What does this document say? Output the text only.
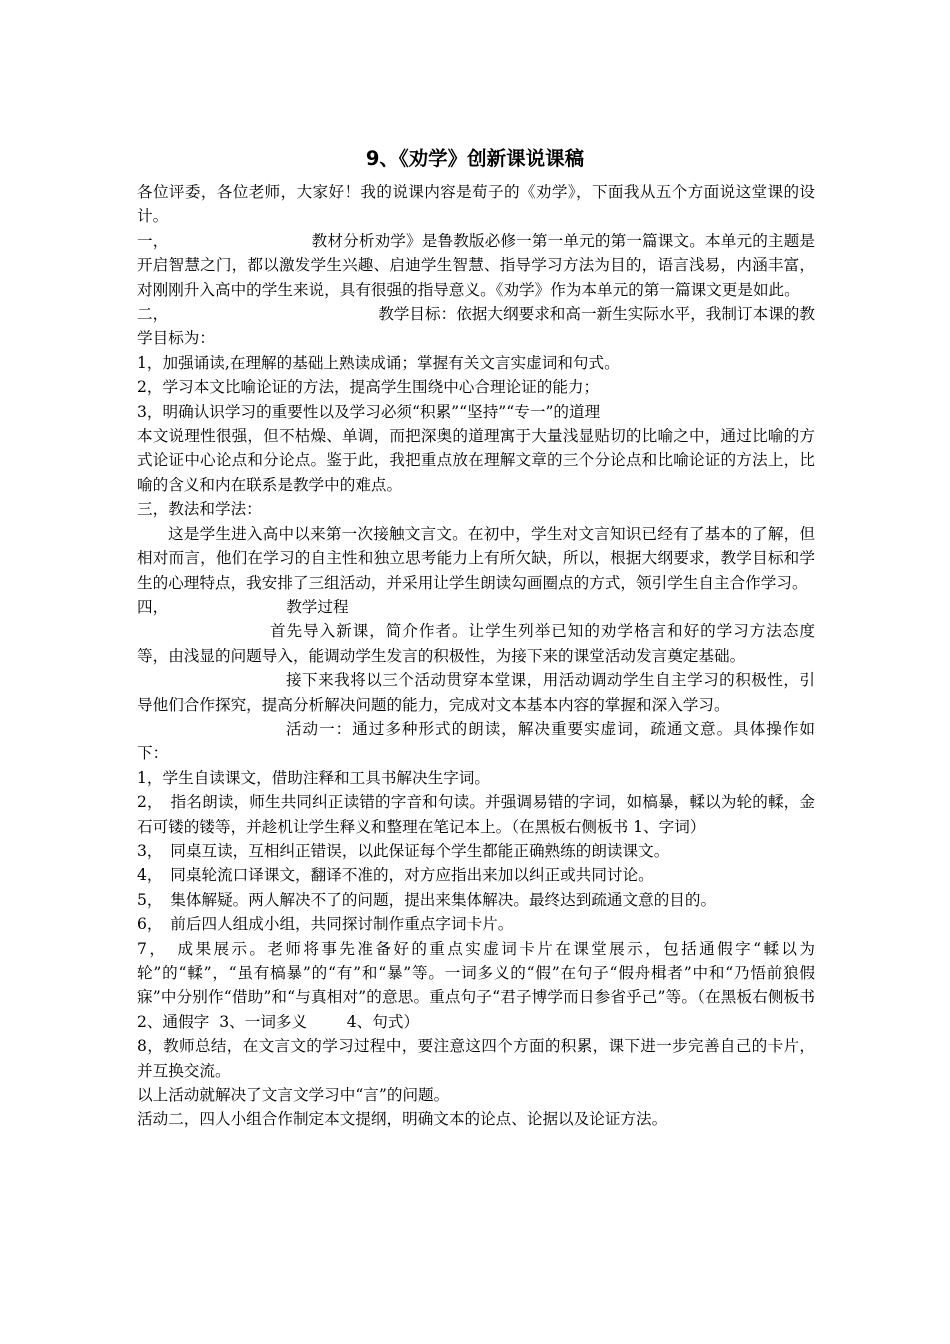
9、《劝学》创新课说课稿

各位评委，各位老师，大家好！我的说课内容是荀子的《劝学》，下面我从五个方面说这堂课的设计。

一，	教材分析劝学》是鲁教版必修一第一单元的第一篇课文。本单元的主题是开启智慧之门，都以激发学生兴趣、启迪学生智慧、指导学习方法为目的，语言浅易，内涵丰富，对刚刚升入高中的学生来说，具有很强的指导意义。《劝学》作为本单元的第一篇课文更是如此。

二，	教学目标：依据大纲要求和高一新生实际水平，我制订本课的教学目标为：

1，加强诵读,在理解的基础上熟读成诵；掌握有关文言实虚词和句式。

2，学习本文比喻论证的方法，提高学生围绕中心合理论证的能力；

3，明确认识学习的重要性以及学习必须“积累”“坚持”“专一”的道理

本文说理性很强，但不枯燥、单调，而把深奥的道理寓于大量浅显贴切的比喻之中，通过比喻的方式论证中心论点和分论点。鉴于此，我把重点放在理解文章的三个分论点和比喻论证的方法上，比喻的含义和内在联系是教学中的难点。

三，教法和学法：

这是学生进入高中以来第一次接触文言文。在初中，学生对文言知识已经有了基本的了解，但相对而言，他们在学习的自主性和独立思考能力上有所欠缺，所以，根据大纲要求，教学目标和学生的心理特点，我安排了三组活动，并采用让学生朗读勾画圈点的方式，领引学生自主合作学习。

四，	教学过程

首先导入新课，简介作者。让学生列举已知的劝学格言和好的学习方法态度等，由浅显的问题导入，能调动学生发言的积极性，为接下来的课堂活动发言奠定基础。

接下来我将以三个活动贯穿本堂课，用活动调动学生自主学习的积极性，引导他们合作探究，提高分析解决问题的能力，完成对文本基本内容的掌握和深入学习。

活动一：通过多种形式的朗读，解决重要实虚词，疏通文意。具体操作如下：

1，学生自读课文，借助注释和工具书解决生字词。

2，　指名朗读，师生共同纠正读错的字音和句读。并强调易错的字词，如槁暴，輮以为轮的輮，金石可镂的镂等，并趁机让学生释义和整理在笔记本上。（在黑板右侧板书 1、字词）

3，　同桌互读，互相纠正错误，以此保证每个学生都能正确熟练的朗读课文。

4，　同桌轮流口译课文，翻译不准的，对方应指出来加以纠正或共同讨论。

5，　集体解疑。两人解决不了的问题，提出来集体解决。最终达到疏通文意的目的。

6，　前后四人组成小组，共同探讨制作重点字词卡片。

7，　成果展示。老师将事先准备好的重点实虚词卡片在课堂展示，包括通假字“輮以为轮”的“輮”，“虽有槁暴”的“有”和“暴”等。一词多义的“假”在句子“假舟楫者”中和“乃悟前狼假寐”中分别作“借助”和“与真相对”的意思。重点句子“君子博学而日参省乎己”等。（在黑板右侧板书 2、通假字  3、一词多义        4、句式）

8，教师总结，在文言文的学习过程中，要注意这四个方面的积累，课下进一步完善自己的卡片，并互换交流。

以上活动就解决了文言文学习中“言”的问题。

活动二，四人小组合作制定本文提纲，明确文本的论点、论据以及论证方法。
